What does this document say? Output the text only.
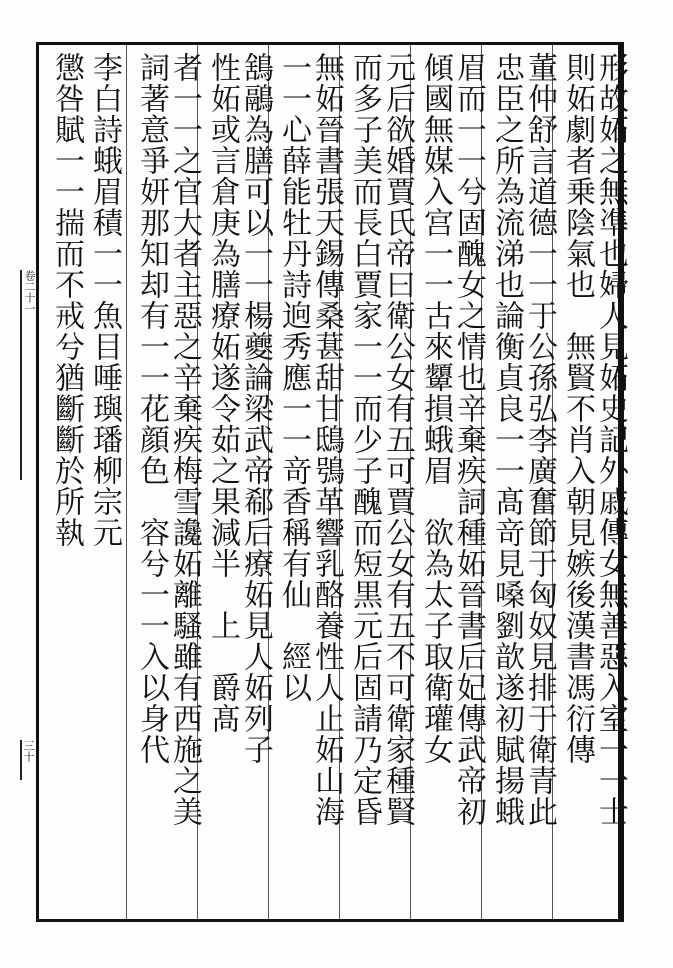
卷二十一
三十	形故妬之無凖也婦人見妬史記外戚傳女無善惡入室一一士
則妬劇者乗陰氣也　無賢不肖入朝見嫉後漢書馮衍傳
董仲舒言道德一一于公孫弘李廣奮節于匈奴見排于衛青此
忠臣之所為流涕也論衡貞良一一髙竒見嗓劉歆遂初賦揚蛾
眉而一一兮固醜女之情也辛棄疾詞種妬晉書后妃傳武帝初
傾國無媒入宫一一古來顰損蛾眉　欲為太子取衛瓘女
元后欲婚賈氏帝曰衛公女有五可賈公女有五不可衛家種賢
而多子美而長白賈家一一而少子醜而短黒元后固請乃定昏
無妬晉書張天錫傳桑葚甜甘鴟鴞革響乳酪養性人止妬山海
一一心薛能牡丹詩逈秀應一一竒香稱有仙　經以
鵨鷊為膳可以一一楊夔論梁武帝郗后療妬見人妬列子
性妬或言倉庚為膳療妬遂令茹之果減半　上　爵髙
者一一之官大者主惡之辛棄疾梅雪讒妬離騷雖有西施之美
詞著意爭妍那知却有一一花顔色　容兮一一入以身代
李白詩蛾眉積一一魚目唾璵璠柳宗元
懲咎賦一一揣而不戒兮猶斷斷於所執
